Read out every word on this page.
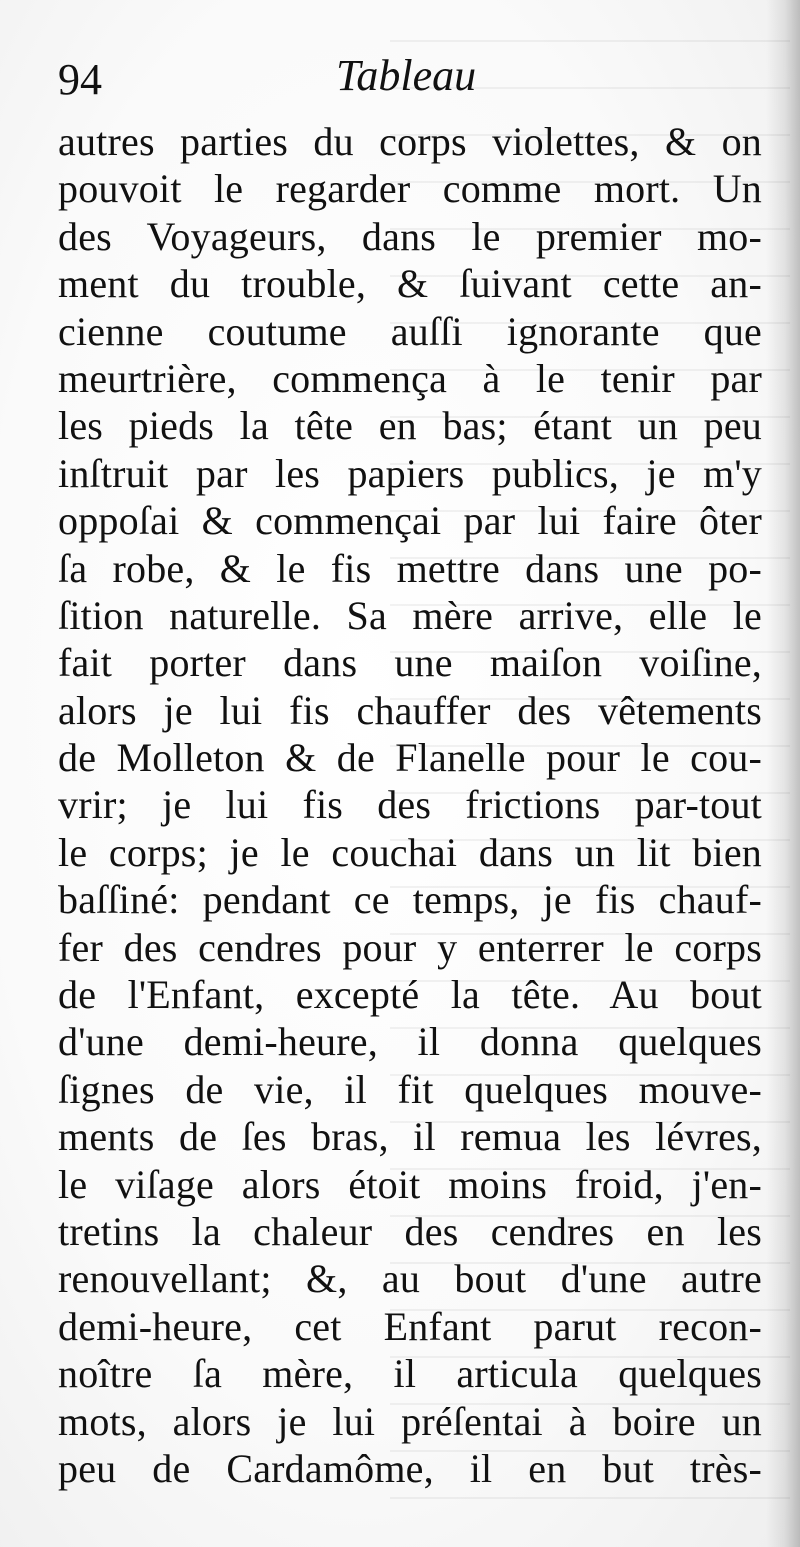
94	Tableau
autres parties du corps violettes, & on
pouvoit le regarder comme mort. Un
des Voyageurs, dans le premier mo-
ment du trouble, & ſuivant cette an-
cienne coutume auſſi ignorante que
meurtrière, commença à le tenir par
les pieds la tête en bas; étant un peu
inſtruit par les papiers publics, je m'y
oppoſai & commençai par lui faire ôter
ſa robe, & le fis mettre dans une po-
ſition naturelle. Sa mère arrive, elle le
fait porter dans une maiſon voiſine,
alors je lui fis chauffer des vêtements
de Molleton & de Flanelle pour le cou-
vrir; je lui fis des frictions par-tout
le corps; je le couchai dans un lit bien
baſſiné: pendant ce temps, je fis chauf-
fer des cendres pour y enterrer le corps
de l'Enfant, excepté la tête. Au bout
d'une demi-heure, il donna quelques
ſignes de vie, il fit quelques mouve-
ments de ſes bras, il remua les lévres,
le viſage alors étoit moins froid, j'en-
tretins la chaleur des cendres en les
renouvellant; &, au bout d'une autre
demi-heure, cet Enfant parut recon-
noître ſa mère, il articula quelques
mots, alors je lui préſentai à boire un
peu de Cardamôme, il en but très-
